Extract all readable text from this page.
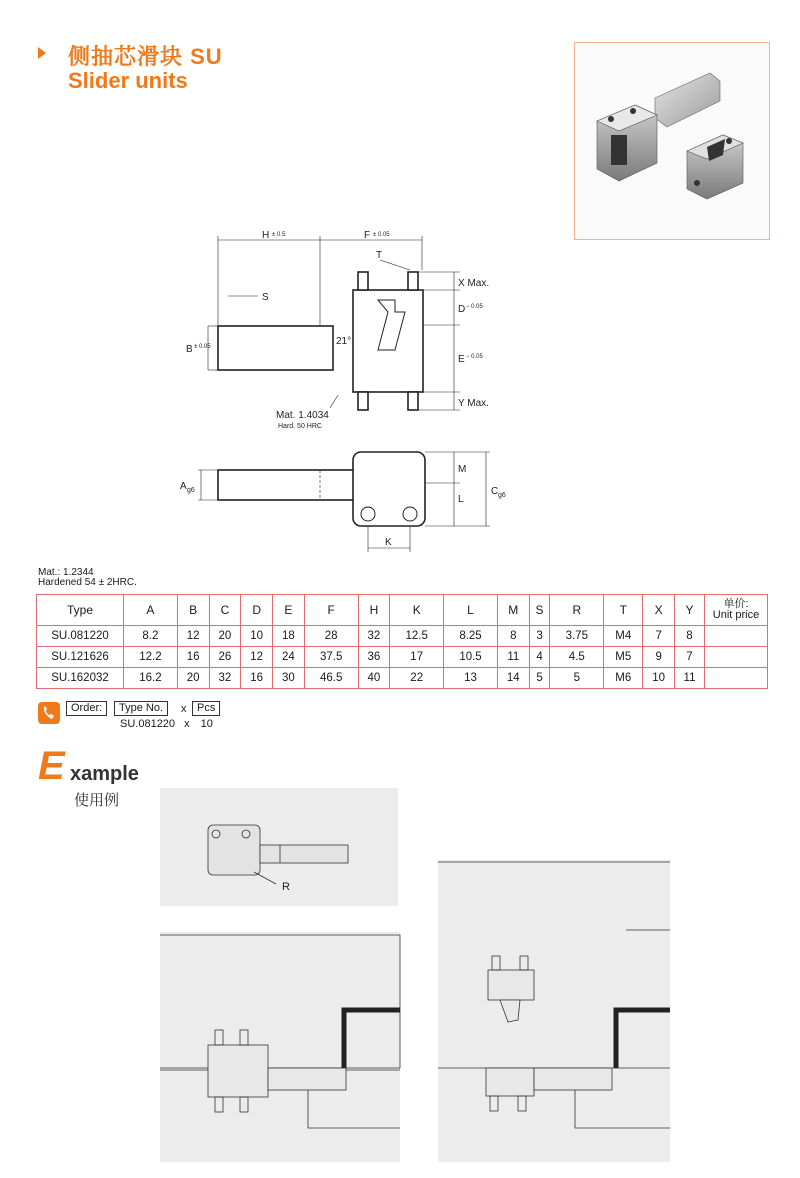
侧抽芯滑块 SU
Slider units
H ± 0.5	F ± 0.05
T
S
X Max.
D − 0.05
E − 0.05
Y Max.
B ± 0.05	21°
Mat. 1.4034
Hard. 50 HRC
A g6
M
L
C g6
K
Mat.: 1.2344
Hardened 54 ± 2HRC.
Type	A	B	C	D	E	F	H	K	L	M	S	R	T	X	Y	单价:
Unit price

SU.081220	8.2	12	20	10	18	28	32	12.5	8.25	8	3	3.75	M4	7	8	
SU.121626	12.2	16	26	12	24	37.5	36	17	10.5	11	4	4.5	M5	9	7	
SU.162032	16.2	20	32	16	30	46.5	40	22	13	14	5	5	M6	10	11	
Order:	Type No.	x Pcs
SU.081220 x 10
E xample
使用例
R
